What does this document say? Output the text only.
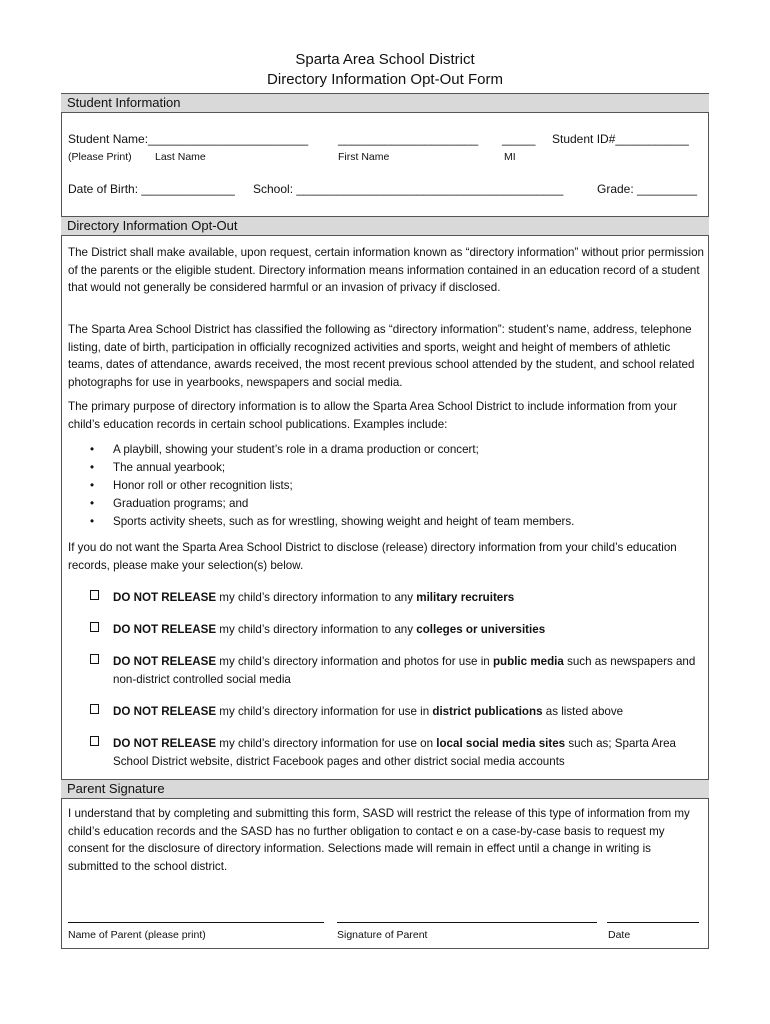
Sparta Area School District
Directory Information Opt-Out Form
Student Information
Student Name:________________________ _____________________ _____ Student ID#___________
(Please Print) Last Name	First Name	MI
Date of Birth: ______________ School: ________________________________________	Grade: _________
Directory Information Opt-Out

The District shall make available, upon request, certain information known as “directory information” without prior permission of the parents or the eligible student. Directory information means information contained in an education record of a student that would not generally be considered harmful or an invasion of privacy if disclosed.

The Sparta Area School District has classified the following as “directory information”: student’s name, address, telephone listing, date of birth, participation in officially recognized activities and sports, weight and height of members of athletic teams, dates of attendance, awards received, the most recent previous school attended by the student, and school related photographs for use in yearbooks, newspapers and social media.

The primary purpose of directory information is to allow the Sparta Area School District to include information from your child’s education records in certain school publications. Examples include:

• A playbill, showing your student’s role in a drama production or concert;
• The annual yearbook;
• Honor roll or other recognition lists;
• Graduation programs; and
• Sports activity sheets, such as for wrestling, showing weight and height of team members.

If you do not want the Sparta Area School District to disclose (release) directory information from your child’s education records, please make your selection(s) below.

DO NOT RELEASE my child’s directory information to any military recruiters
DO NOT RELEASE my child’s directory information to any colleges or universities
DO NOT RELEASE my child’s directory information and photos for use in public media such as newspapers and non-district controlled social media
DO NOT RELEASE my child’s directory information for use in district publications as listed above
DO NOT RELEASE my child’s directory information for use on local social media sites such as; Sparta Area School District website, district Facebook pages and other district social media accounts
Parent Signature

I understand that by completing and submitting this form, SASD will restrict the release of this type of information from my child’s education records and the SASD has no further obligation to contact e on a case-by-case basis to request my consent for the disclosure of directory information. Selections made will remain in effect until a change in writing is submitted to the school district.

Name of Parent (please print)	Signature of Parent	Date
